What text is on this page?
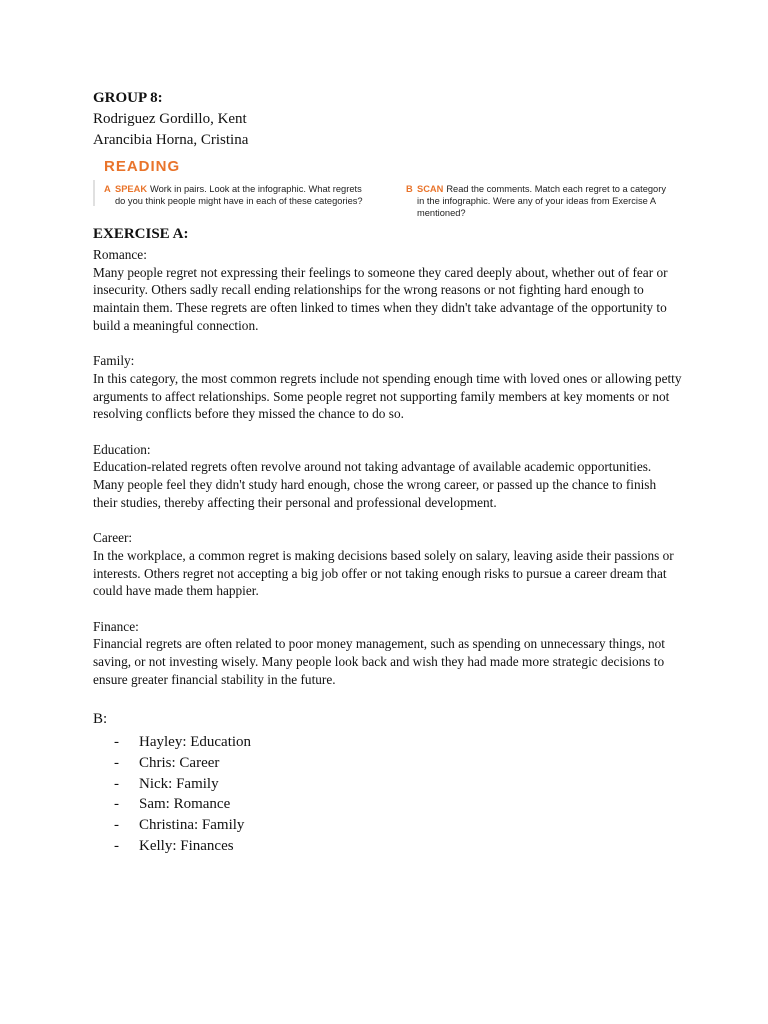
GROUP 8:
Rodriguez Gordillo, Kent
Arancibia Horna, Cristina
READING
A SPEAK Work in pairs. Look at the infographic. What regrets do you think people might have in each of these categories?
B SCAN Read the comments. Match each regret to a category in the infographic. Were any of your ideas from Exercise A mentioned?
EXERCISE A:

Romance:

Many people regret not expressing their feelings to someone they cared deeply about, whether out of fear or insecurity. Others sadly recall ending relationships for the wrong reasons or not fighting hard enough to maintain them. These regrets are often linked to times when they didn't take advantage of the opportunity to build a meaningful connection.

Family:

In this category, the most common regrets include not spending enough time with loved ones or allowing petty arguments to affect relationships. Some people regret not supporting family members at key moments or not resolving conflicts before they missed the chance to do so.

Education:

Education-related regrets often revolve around not taking advantage of available academic opportunities. Many people feel they didn't study hard enough, chose the wrong career, or passed up the chance to finish their studies, thereby affecting their personal and professional development.

Career:

In the workplace, a common regret is making decisions based solely on salary, leaving aside their passions or interests. Others regret not accepting a big job offer or not taking enough risks to pursue a career dream that could have made them happier.

Finance:

Financial regrets are often related to poor money management, such as spending on unnecessary things, not saving, or not investing wisely. Many people look back and wish they had made more strategic decisions to ensure greater financial stability in the future.

B:
- Hayley: Education
- Chris: Career
- Nick: Family
- Sam: Romance
- Christina: Family
- Kelly: Finances
